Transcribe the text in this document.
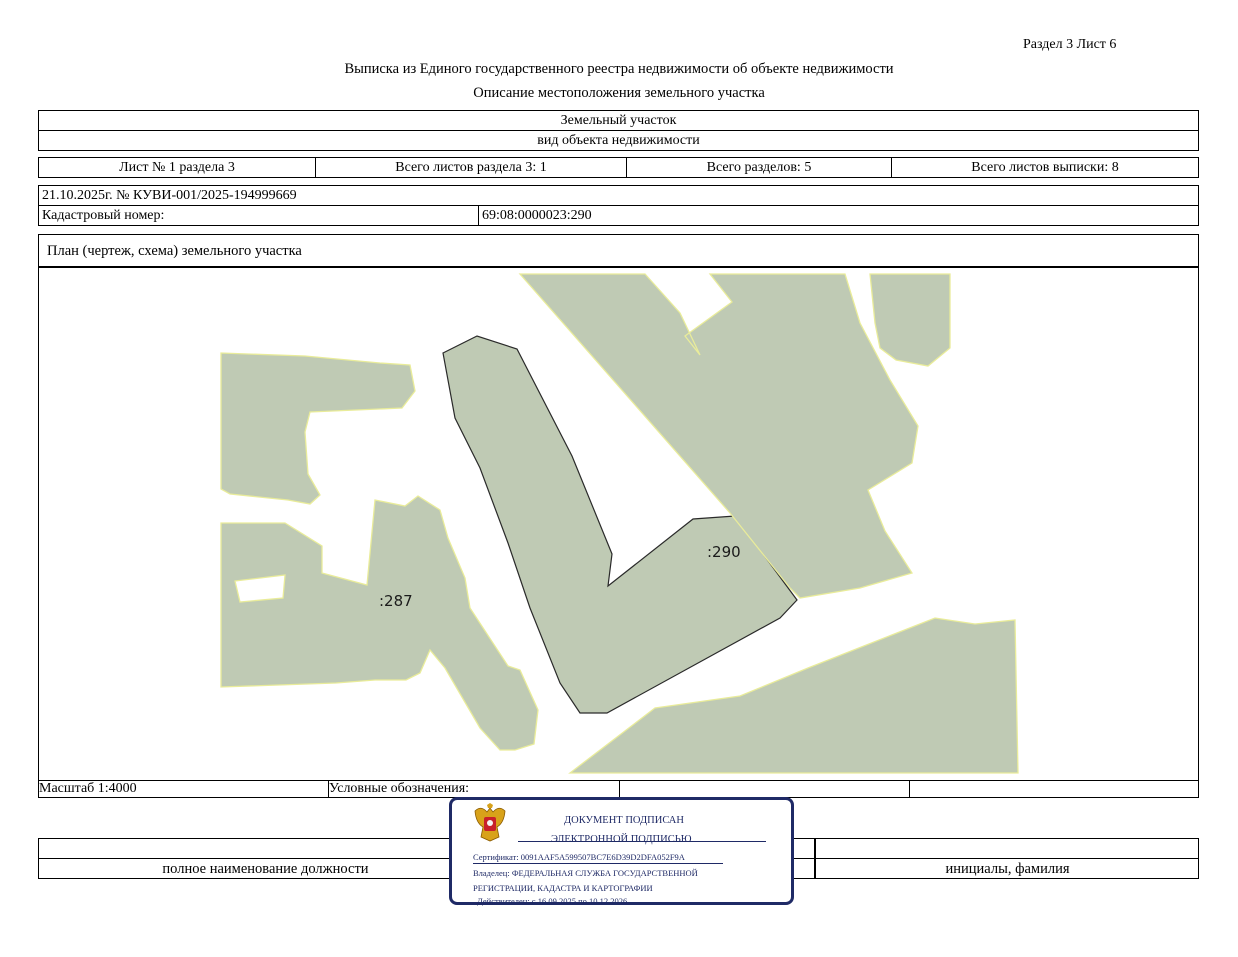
Раздел 3 Лист 6
Выписка из Единого государственного реестра недвижимости об объекте недвижимости
Описание местоположения земельного участка
Земельный участок
вид объекта недвижимости
Лист № 1 раздела 3	Всего листов раздела 3: 1	Всего разделов: 5	Всего листов выписки: 8
21.10.2025г. № КУВИ-001/2025-194999669
Кадастровый номер:	69:08:0000023:290
План (чертеж, схема) земельного участка
:290
:287
Масштаб 1:4000	Условные обозначения:
полное наименование должности	инициалы, фамилия
ДОКУМЕНТ ПОДПИСАН
ЭЛЕКТРОННОЙ ПОДПИСЬЮ
Сертификат: 0091AAF5A599507BC7E6D39D2DFA052F9A
Владелец: ФЕДЕРАЛЬНАЯ СЛУЖБА ГОСУДАРСТВЕННОЙ
РЕГИСТРАЦИИ, КАДАСТРА И КАРТОГРАФИИ
Действителен: с 16.09.2025 по 10.12.2026
